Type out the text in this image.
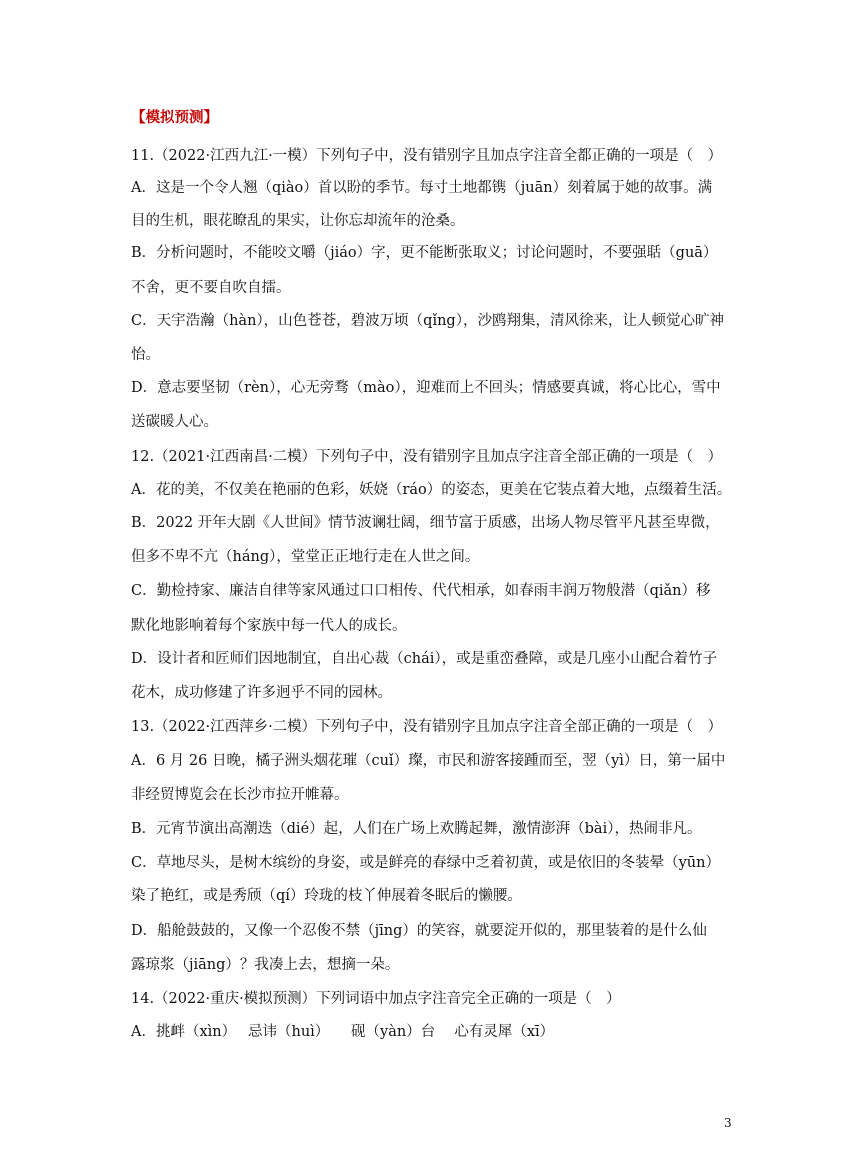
【模拟预测】
11.（2022·江西九江·一模）下列句子中，没有错别字且加点字注音全都正确的一项是（　）
A．这是一个令人翘（qiào）首以盼的季节。每寸土地都镌（juān）刻着属于她的故事。满
目的生机，眼花瞭乱的果实，让你忘却流年的沧桑。
B．分析问题时，不能咬文嚼（jiáo）字，更不能断张取义；讨论问题时，不要强聒（guā）
不舍，更不要自吹自擂。
C．天宇浩瀚（hàn），山色苍苍，碧波万顷（qǐng），沙鸥翔集，清风徐来，让人顿觉心旷神
怡。
D．意志要坚韧（rèn），心无旁骛（mào），迎难而上不回头；情感要真诚，将心比心，雪中
送碳暖人心。
12.（2021·江西南昌·二模）下列句子中，没有错别字且加点字注音全部正确的一项是（　）
A．花的美，不仅美在艳丽的色彩，妖娆（ráo）的姿态，更美在它装点着大地，点缀着生活。
B．2022 开年大剧《人世间》情节波谰壮阔，细节富于质感，出场人物尽管平凡甚至卑微，
但多不卑不亢（háng），堂堂正正地行走在人世之间。
C．勤检持家、廉洁自律等家风通过口口相传、代代相承，如春雨丰润万物般潜（qiǎn）移
默化地影响着每个家族中每一代人的成长。
D．设计者和匠师们因地制宜，自出心裁（chái），或是重峦叠障，或是几座小山配合着竹子
花木，成功修建了许多迥乎不同的园林。
13.（2022·江西萍乡·二模）下列句子中，没有错别字且加点字注音全部正确的一项是（　）
A．6 月 26 日晚，橘子洲头烟花璀（cuǐ）璨，市民和游客接踵而至，翌（yì）日，第一届中
非经贸博览会在长沙市拉开帷幕。
B．元宵节演出高潮迭（dié）起，人们在广场上欢腾起舞，激情澎湃（bài），热闹非凡。
C．草地尽头，是树木缤纷的身姿，或是鲜亮的春绿中乏着初黄，或是依旧的冬装晕（yūn）
染了艳红，或是秀颀（qí）玲珑的枝丫伸展着冬眠后的懒腰。
D．船舱鼓鼓的，又像一个忍俊不禁（jīng）的笑容，就要淀开似的，那里装着的是什么仙
露琼浆（jiāng）？我凑上去，想摘一朵。
14.（2022·重庆·模拟预测）下列词语中加点字注音完全正确的一项是（　）
A．挑衅（xìn）　 忌讳（huì）　　砚（yàn）台　 心有灵犀（xī）
3
